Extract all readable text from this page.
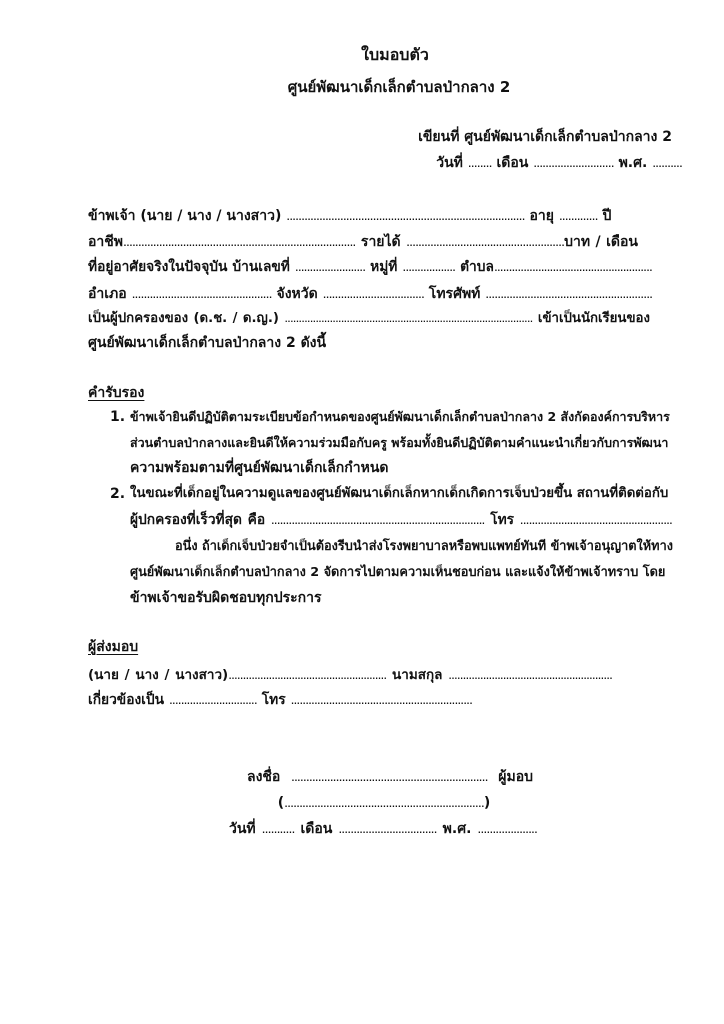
ใบมอบตัว
ศูนย์พัฒนาเด็กเล็กตำบลป่ากลาง 2
เขียนที่ ศูนย์พัฒนาเด็กเล็กตำบลป่ากลาง 2
วันที่ ........ เดือน ........................... พ.ศ. ..........
ข้าพเจ้า (นาย / นาง / นางสาว) ................................................................................ อายุ ............. ปี
อาชีพ.............................................................................. รายได้ .....................................................บาท / เดือน
ที่อยู่อาศัยจริงในปัจจุบัน บ้านเลขที่ ........................ หมู่ที่ .................. ตำบล......................................................
อำเภอ ............................................... จังหวัด .................................. โทรศัพท์ ........................................................
เป็นผู้ปกครองของ (ด.ช. / ด.ญ.) ........................................................................................ เข้าเป็นนักเรียนของ
ศูนย์พัฒนาเด็กเล็กตำบลป่ากลาง 2 ดังนี้
คำรับรอง
1. ข้าพเจ้ายินดีปฏิบัติตามระเบียบข้อกำหนดของศูนย์พัฒนาเด็กเล็กตำบลป่ากลาง 2 สังกัดองค์การบริหาร
ส่วนตำบลป่ากลางและยินดีให้ความร่วมมือกับครู พร้อมทั้งยินดีปฏิบัติตามคำแนะนำเกี่ยวกับการพัฒนา
ความพร้อมตามที่ศูนย์พัฒนาเด็กเล็กกำหนด
2. ในขณะที่เด็กอยู่ในความดูแลของศูนย์พัฒนาเด็กเล็กหากเด็กเกิดการเจ็บป่วยขึ้น สถานที่ติดต่อกับ
ผู้ปกครองที่เร็วที่สุด คือ ......................................................................... โทร ....................................................
อนึ่ง ถ้าเด็กเจ็บป่วยจำเป็นต้องรีบนำส่งโรงพยาบาลหรือพบแพทย์ทันที ข้าพเจ้าอนุญาตให้ทาง
ศูนย์พัฒนาเด็กเล็กตำบลป่ากลาง 2 จัดการไปตามความเห็นชอบก่อน และแจ้งให้ข้าพเจ้าทราบ โดย
ข้าพเจ้าขอรับผิดชอบทุกประการ
ผู้ส่งมอบ
(นาย / นาง / นางสาว)....................................................... นามสกุล .........................................................
เกี่ยวข้องเป็น .............................. โทร ..............................................................
ลงชื่อ .................................................................. ผู้มอบ
(...................................................................)
วันที่ ........... เดือน ................................. พ.ศ. ....................
